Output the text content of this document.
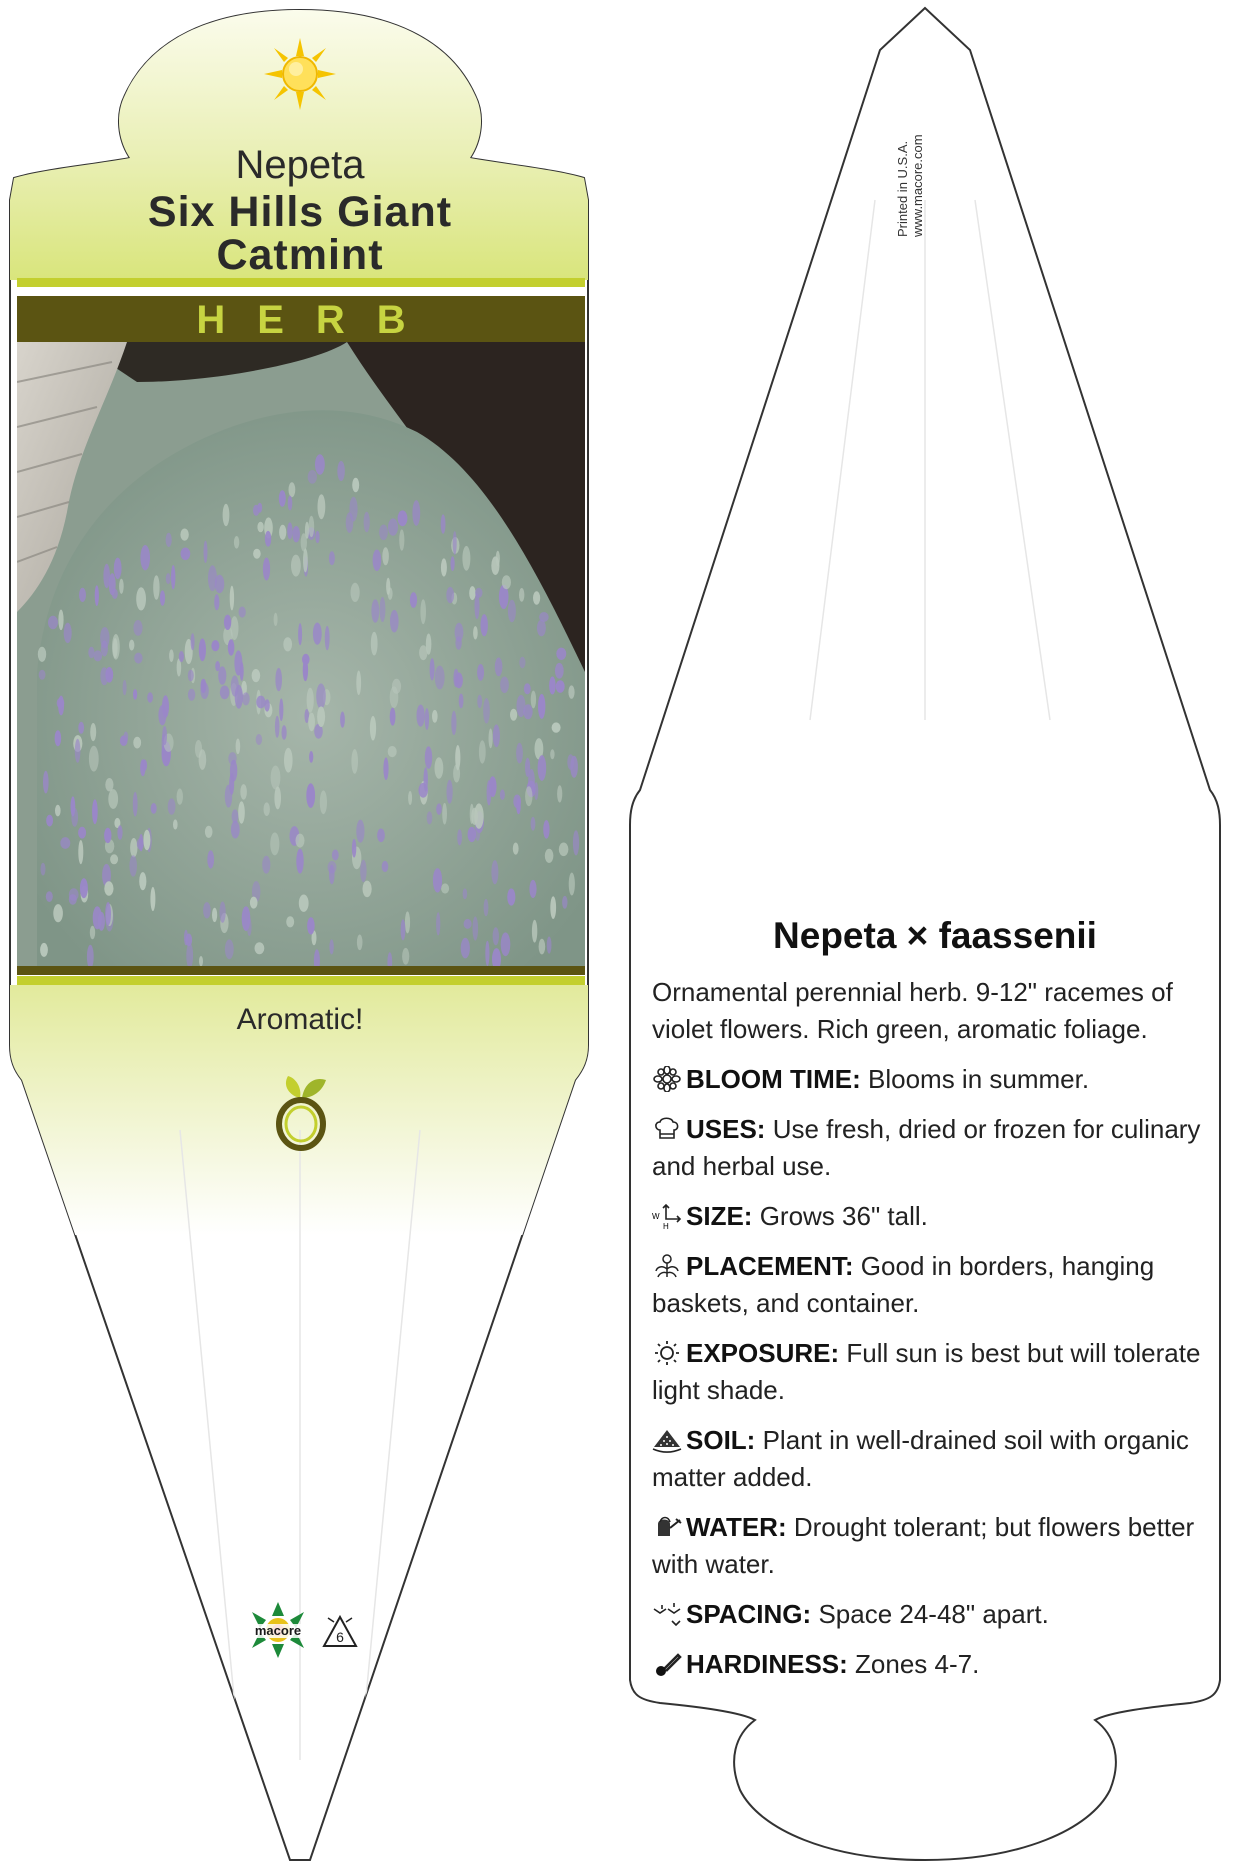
Nepeta
Six Hills Giant
Catmint
HERB
Aromatic!
macore 6
Printed in U.S.A. www.macore.com
Nepeta × faassenii

Ornamental perennial herb. 9-12" racemes of violet flowers. Rich green, aromatic foliage.

BLOOM TIME: Blooms in summer.

USES: Use fresh, dried or frozen for culinary and herbal use.

W
H SIZE: Grows 36" tall.

PLACEMENT: Good in borders, hanging baskets, and container.

EXPOSURE: Full sun is best but will tolerate light shade.

SOIL: Plant in well-drained soil with organic matter added.

WATER: Drought tolerant; but flowers better with water.

SPACING: Space 24-48" apart.

HARDINESS: Zones 4-7.
